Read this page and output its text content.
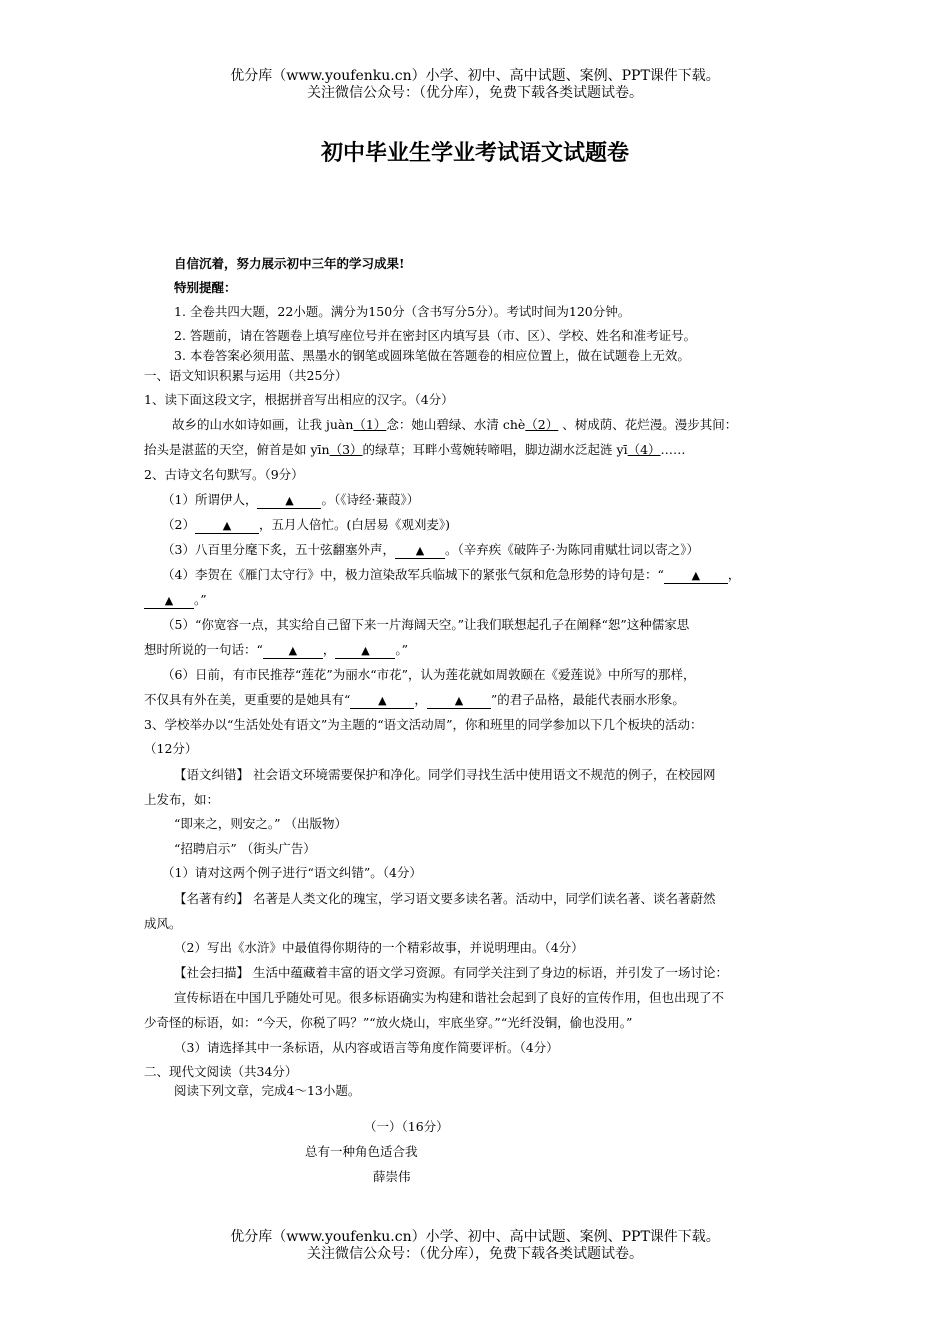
优分库（www.youfenku.cn）小学、初中、高中试题、案例、PPT课件下载。
关注微信公众号：（优分库），免费下载各类试题试卷。
初中毕业生学业考试语文试题卷
自信沉着，努力展示初中三年的学习成果!
特别提醒：
1. 全卷共四大题，22小题。满分为150分（含书写分5分）。考试时间为120分钟。
2. 答题前，请在答题卷上填写座位号并在密封区内填写县（市、区）、学校、姓名和准考证号。
3. 本卷答案必须用蓝、黑墨水的钢笔或圆珠笔做在答题卷的相应位置上，做在试题卷上无效。
一、语文知识积累与运用（共25分）
1、读下面这段文字，根据拼音写出相应的汉字。（4分）
故乡的山水如诗如画，让我 juàn（1）念：她山碧绿、水清 chè（2） 、树成荫、花烂漫。漫步其间：
抬头是湛蓝的天空，俯首是如 yīn（3）的绿草；耳畔小莺婉转啼唱，脚边湖水泛起涟 yī（4）……
2、古诗文名句默写。（9分）
（1）所谓伊人，	▲ 。（《诗经·蒹葭》）
（2）	▲ ，五月人倍忙。(白居易《观刈麦》)
（3）八百里分麾下炙，五十弦翻塞外声， ▲ 。（辛弃疾《破阵子·为陈同甫赋壮词以寄之》）
（4）李贺在《雁门太守行》中，极力渲染敌军兵临城下的紧张气氛和危急形势的诗句是：“	▲ ，
▲ 。”
（5）“你宽容一点，其实给自己留下来一片海阔天空。”让我们联想起孔子在阐释“恕”这种儒家思
想时所说的一句话：“ ▲ ， ▲ 。”
（6）日前，有市民推荐“莲花”为丽水“市花”，认为莲花就如周敦颐在《爱莲说》中所写的那样，
不仅具有外在美，更重要的是她具有“	▲ ，	▲ ”的君子品格，最能代表丽水形象。
3、学校举办以“生活处处有语文”为主题的“语文活动周”，你和班里的同学参加以下几个板块的活动：
（12分）
【语文纠错】 社会语文环境需要保护和净化。同学们寻找生活中使用语文不规范的例子，在校园网
上发布，如：
“即来之，则安之。” （出版物）
“招聘启示” （街头广告）
（1）请对这两个例子进行“语文纠错”。（4分）
【名著有约】 名著是人类文化的瑰宝，学习语文要多读名著。活动中，同学们读名著、谈名著蔚然
成风。
（2）写出《水浒》中最值得你期待的一个精彩故事，并说明理由。（4分）
【社会扫描】 生活中蕴藏着丰富的语文学习资源。有同学关注到了身边的标语，并引发了一场讨论：
宣传标语在中国几乎随处可见。很多标语确实为构建和谐社会起到了良好的宣传作用，但也出现了不
少奇怪的标语，如：“今天，你税了吗？”“放火烧山，牢底坐穿。”“光纤没铜，偷也没用。”
（3）请选择其中一条标语，从内容或语言等角度作简要评析。（4分）
二、现代文阅读（共34分）
阅读下列文章，完成4～13小题。
（一）（16分）
总有一种角色适合我
薛崇伟
优分库（www.youfenku.cn）小学、初中、高中试题、案例、PPT课件下载。
关注微信公众号：（优分库），免费下载各类试题试卷。
